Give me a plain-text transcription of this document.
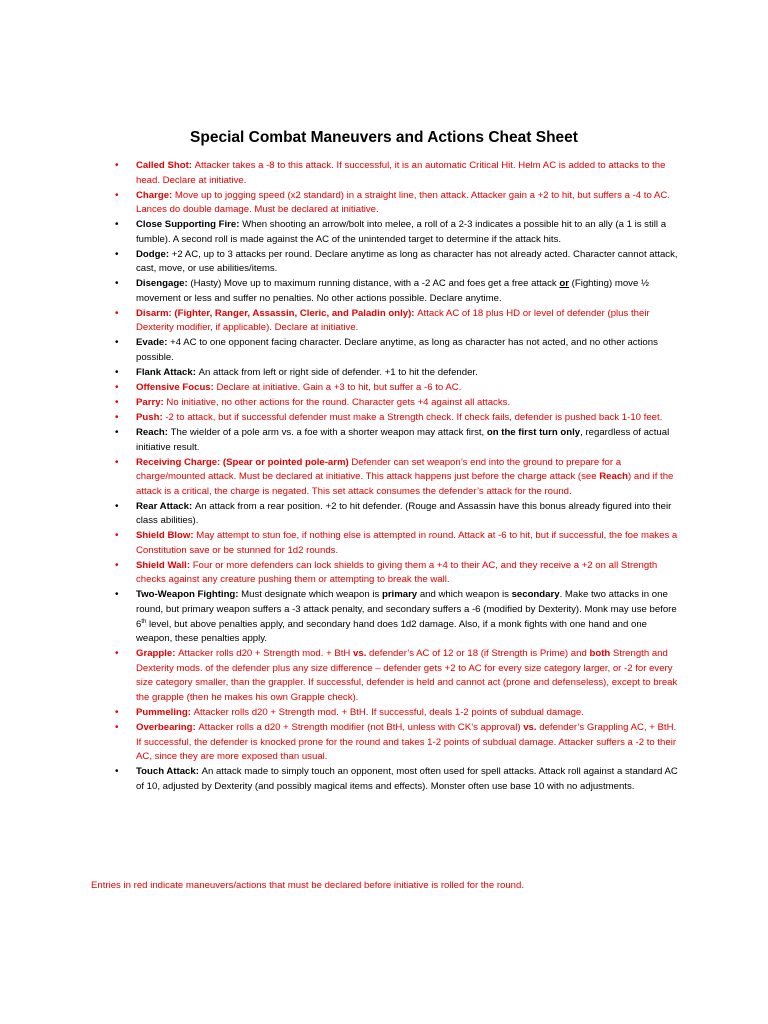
Special Combat Maneuvers and Actions Cheat Sheet
• Called Shot: Attacker takes a -8 to this attack. If successful, it is an automatic Critical Hit. Helm AC is added to attacks to the head. Declare at initiative.
• Charge: Move up to jogging speed (x2 standard) in a straight line, then attack. Attacker gain a +2 to hit, but suffers a -4 to AC. Lances do double damage. Must be declared at initiative.
• Close Supporting Fire: When shooting an arrow/bolt into melee, a roll of a 2-3 indicates a possible hit to an ally (a 1 is still a fumble). A second roll is made against the AC of the unintended target to determine if the attack hits.
• Dodge: +2 AC, up to 3 attacks per round. Declare anytime as long as character has not already acted. Character cannot attack, cast, move, or use abilities/items.
• Disengage: (Hasty) Move up to maximum running distance, with a -2 AC and foes get a free attack or (Fighting) move ½ movement or less and suffer no penalties. No other actions possible. Declare anytime.
• Disarm: (Fighter, Ranger, Assassin, Cleric, and Paladin only): Attack AC of 18 plus HD or level of defender (plus their Dexterity modifier, if applicable). Declare at initiative.
• Evade: +4 AC to one opponent facing character. Declare anytime, as long as character has not acted, and no other actions possible.
• Flank Attack: An attack from left or right side of defender. +1 to hit the defender.
• Offensive Focus: Declare at initiative. Gain a +3 to hit, but suffer a -6 to AC.
• Parry: No initiative, no other actions for the round. Character gets +4 against all attacks.
• Push: -2 to attack, but if successful defender must make a Strength check. If check fails, defender is pushed back 1-10 feet.
• Reach: The wielder of a pole arm vs. a foe with a shorter weapon may attack first, on the first turn only, regardless of actual initiative result.
• Receiving Charge: (Spear or pointed pole-arm) Defender can set weapon’s end into the ground to prepare for a charge/mounted attack. Must be declared at initiative. This attack happens just before the charge attack (see Reach) and if the attack is a critical, the charge is negated. This set attack consumes the defender’s attack for the round.
• Rear Attack: An attack from a rear position. +2 to hit defender. (Rouge and Assassin have this bonus already figured into their class abilities).
• Shield Blow: May attempt to stun foe, if nothing else is attempted in round. Attack at -6 to hit, but if successful, the foe makes a Constitution save or be stunned for 1d2 rounds.
• Shield Wall: Four or more defenders can lock shields to giving them a +4 to their AC, and they receive a +2 on all Strength checks against any creature pushing them or attempting to break the wall.
• Two-Weapon Fighting: Must designate which weapon is primary and which weapon is secondary. Make two attacks in one round, but primary weapon suffers a -3 attack penalty, and secondary suffers a -6 (modified by Dexterity). Monk may use before 6th level, but above penalties apply, and secondary hand does 1d2 damage. Also, if a monk fights with one hand and one weapon, these penalties apply.
• Grapple: Attacker rolls d20 + Strength mod. + BtH vs. defender’s AC of 12 or 18 (if Strength is Prime) and both Strength and Dexterity mods. of the defender plus any size difference – defender gets +2 to AC for every size category larger, or -2 for every size category smaller, than the grappler. If successful, defender is held and cannot act (prone and defenseless), except to break the grapple (then he makes his own Grapple check).
• Pummeling: Attacker rolls d20 + Strength mod. + BtH. If successful, deals 1-2 points of subdual damage.
• Overbearing: Attacker rolls a d20 + Strength modifier (not BtH, unless with CK’s approval) vs. defender’s Grappling AC, + BtH. If successful, the defender is knocked prone for the round and takes 1-2 points of subdual damage. Attacker suffers a -2 to their AC, since they are more exposed than usual.
• Touch Attack: An attack made to simply touch an opponent, most often used for spell attacks. Attack roll against a standard AC of 10, adjusted by Dexterity (and possibly magical items and effects). Monster often use base 10 with no adjustments.
Entries in red indicate maneuvers/actions that must be declared before initiative is rolled for the round.
